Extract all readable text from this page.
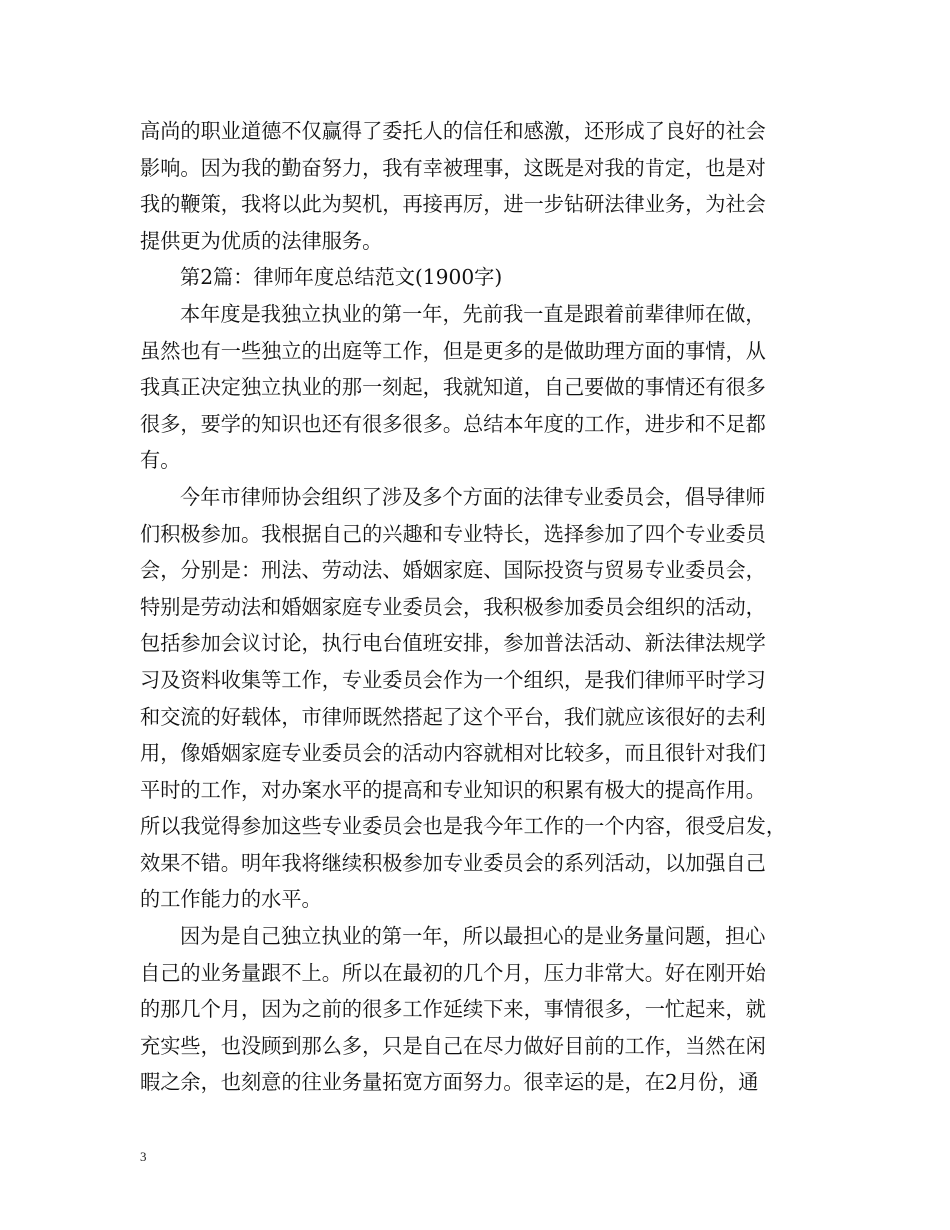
高尚的职业道德不仅赢得了委托人的信任和感激，还形成了良好的社会
影响。因为我的勤奋努力，我有幸被理事，这既是对我的肯定，也是对
我的鞭策，我将以此为契机，再接再厉，进一步钻研法律业务，为社会
提供更为优质的法律服务。
第2篇：律师年度总结范文(1900字)
本年度是我独立执业的第一年，先前我一直是跟着前辈律师在做，
虽然也有一些独立的出庭等工作，但是更多的是做助理方面的事情，从
我真正决定独立执业的那一刻起，我就知道，自己要做的事情还有很多
很多，要学的知识也还有很多很多。总结本年度的工作，进步和不足都
有。
今年市律师协会组织了涉及多个方面的法律专业委员会，倡导律师
们积极参加。我根据自己的兴趣和专业特长，选择参加了四个专业委员
会，分别是：刑法、劳动法、婚姻家庭、国际投资与贸易专业委员会，
特别是劳动法和婚姻家庭专业委员会，我积极参加委员会组织的活动，
包括参加会议讨论，执行电台值班安排，参加普法活动、新法律法规学
习及资料收集等工作，专业委员会作为一个组织，是我们律师平时学习
和交流的好载体，市律师既然搭起了这个平台，我们就应该很好的去利
用，像婚姻家庭专业委员会的活动内容就相对比较多，而且很针对我们
平时的工作，对办案水平的提高和专业知识的积累有极大的提高作用。
所以我觉得参加这些专业委员会也是我今年工作的一个内容，很受启发，
效果不错。明年我将继续积极参加专业委员会的系列活动，以加强自己
的工作能力的水平。
因为是自己独立执业的第一年，所以最担心的是业务量问题，担心
自己的业务量跟不上。所以在最初的几个月，压力非常大。好在刚开始
的那几个月，因为之前的很多工作延续下来，事情很多，一忙起来，就
充实些，也没顾到那么多，只是自己在尽力做好目前的工作，当然在闲
暇之余，也刻意的往业务量拓宽方面努力。很幸运的是，在2月份，通
3
